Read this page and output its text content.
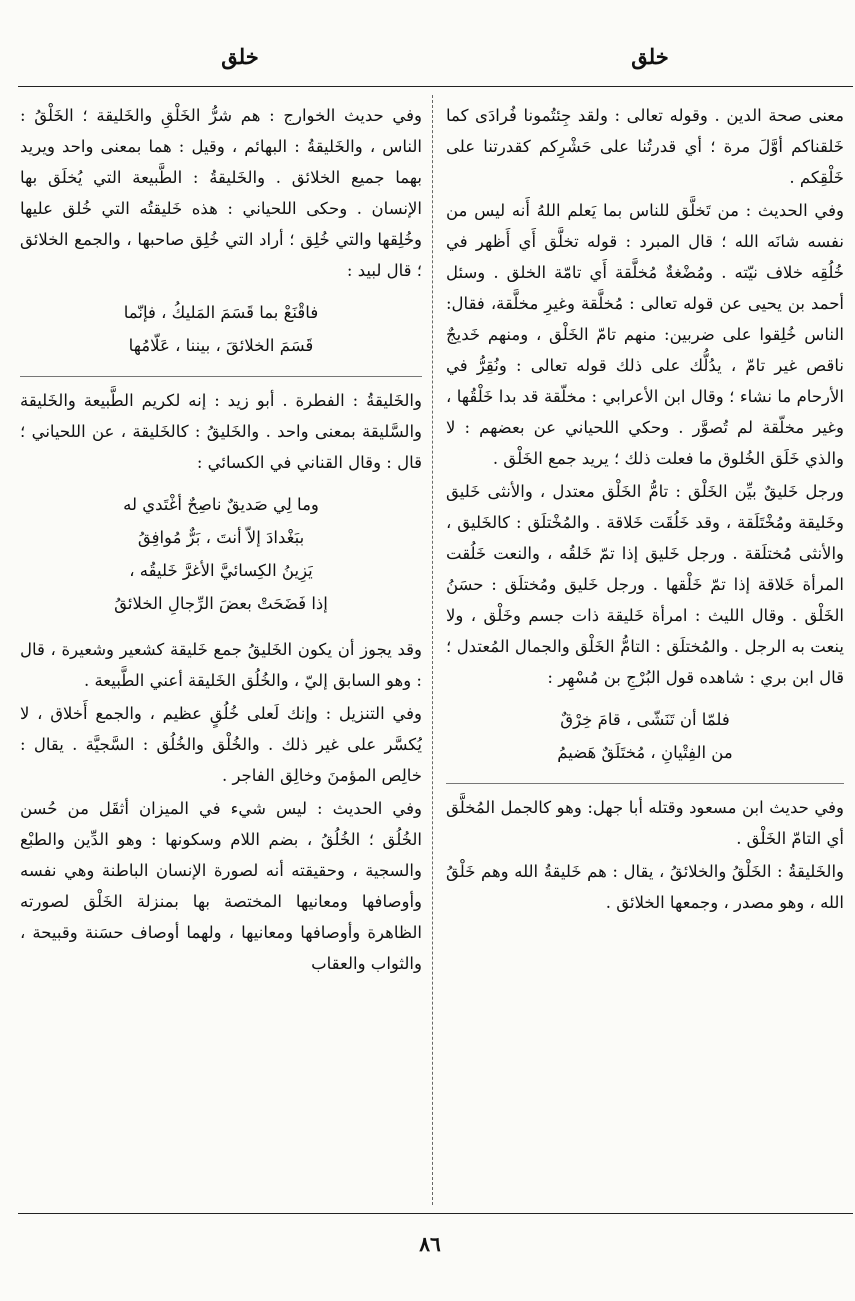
خلق
خلق

معنى صحة الدين . وقوله تعالى : ولقد جِئتُمونا فُرادَى كما خَلقناكم أوَّلَ مرة ؛ أي قدرتُنا على حَشْرِكم كقدرتنا على خَلْقِكم .

وفي الحديث : من تَخلَّق للناس بما يَعلم اللهُ أَنه ليس من نفسه شانَه الله ؛ قال المبرد : قوله تخلَّق أَي أَظهر في خُلُقِه خلاف نيّته . ومُضْغةٌ مُخلَّقة أَي تامّة الخلق . وسئل أحمد بن يحيى عن قوله تعالى : مُخلَّقة وغيرِ مخلَّقة، فقال: الناس خُلِقوا على ضربين: منهم تامّ الخَلْق ، ومنهم خَديجٌ ناقص غير تامّ ، يدُلُّك على ذلك قوله تعالى : ونُقِرُّ في الأرحام ما نشاء ؛ وقال ابن الأعرابي : مخلّقة قد بدا خَلْقُها ، وغير مخلّقة لم تُصوَّر . وحكي اللحياني عن بعضهم : لا والذي خَلَق الخُلوق ما فعلت ذلك ؛ يريد جمع الخَلْق .

ورجل خَليقٌ بيِّن الخَلْق : تامُّ الخَلْق معتدل ، والأنثى خَليق وخَليقة ومُخْتَلَقة ، وقد خَلُقَت خَلاقة . والمُخْتلَق : كالخَليق ، والأنثى مُختلَقة . ورجل خَليق إذا تمّ خَلقُه ، والنعت خَلُقت المرأة خَلاقة إذا تمّ خَلْقها . ورجل خَليق ومُختلَق : حسَنُ الخَلْق . وقال الليث : امرأة خَليقة ذات جسم وخَلْق ، ولا ينعت به الرجل . والمُختلَق : التامُّ الخَلْق والجمال المُعتدل ؛ قال ابن بري : شاهده قول البُرْجِ بن مُسْهِر :

فلمّا أن تَنَشّى ، قامَ خِرْقٌ
من الفِتْيانِ ، مُختَلَقٌ هَضيمُ

وفي حديث ابن مسعود وقتله أبا جهل: وهو كالجمل المُخلَّق أي التامّ الخَلْق .

والخَليقةُ : الخَلْقُ والخلائقُ ، يقال : هم خَليقةُ الله وهم خَلْقُ الله ، وهو مصدر ، وجمعها الخلائق .

وفي حديث الخوارج : هم شرُّ الخَلْقِ والخَليقة ؛ الخَلْقُ : الناس ، والخَليقةُ : البهائم ، وقيل : هما بمعنى واحد ويريد بهما جميع الخلائق . والخَليقةُ : الطَّبيعة التي يُخلَق بها الإنسان . وحكى اللحياني : هذه خَليقتُه التي خُلق عليها وخُلِقها والتي خُلِق ؛ أراد التي خُلِق صاحبها ، والجمع الخلائق ؛ قال لبيد :

فاقْنَعْ بما قَسَمَ المَليكُ ، فإنّما
قَسَمَ الخلائقَ ، بيننا ، عَلّامُها

والخَليقةُ : الفطرة . أبو زيد : إنه لكريم الطَّبيعة والخَليقة والسَّليقة بمعنى واحد . والخَليقُ : كالخَليقة ، عن اللحياني ؛ قال : وقال القناني في الكسائي :

وما لِي صَديقٌ ناصِحٌ أغْتَدي له
ببَغْدادَ إلاّ أنتَ ، بَرٌّ مُوافِقُ
يَزِينُ الكِسائيَّ الأغرَّ خَليقُه ،
إذا فَضَحَتْ بعضَ الرِّجالِ الخلائقُ

وقد يجوز أن يكون الخَليقُ جمع خَليقة كشعير وشعيرة ، قال : وهو السابق إليّ ، والخُلُق الخَليقة أعني الطَّبيعة .

وفي التنزيل : وإنك لَعلى خُلُقٍ عظيم ، والجمع أَخلاق ، لا يُكسَّر على غير ذلك . والخُلْق والخُلُق : السَّجيَّة . يقال : خالِص المؤمنَ وخالِق الفاجر .

وفي الحديث : ليس شيء في الميزان أثقَل من حُسن الخُلُق ؛ الخُلُقُ ، بضم اللام وسكونها : وهو الدِّين والطبْع والسجية ، وحقيقته أنه لصورة الإنسان الباطنة وهي نفسه وأوصافها ومعانيها المختصة بها بمنزلة الخَلْق لصورته الظاهرة وأوصافها ومعانيها ، ولهما أوصاف حسَنة وقبيحة ، والثواب والعقاب

٨٦
